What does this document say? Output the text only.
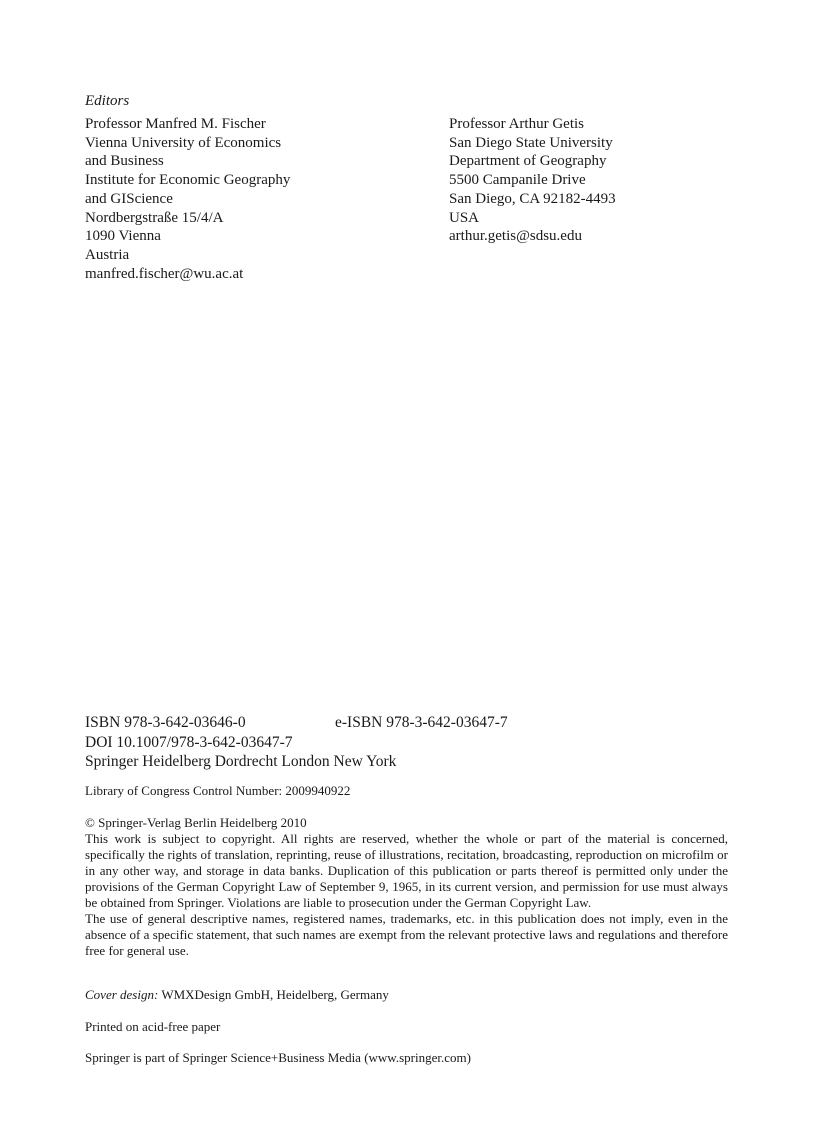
Editors
Professor Manfred M. Fischer
Vienna University of Economics
and Business
Institute for Economic Geography
and GIScience
Nordbergstraße 15/4/A
1090 Vienna
Austria
manfred.fischer@wu.ac.at
Professor Arthur Getis
San Diego State University
Department of Geography
5500 Campanile Drive
San Diego, CA 92182-4493
USA
arthur.getis@sdsu.edu
ISBN 978-3-642-03646-0	e-ISBN 978-3-642-03647-7
DOI 10.1007/978-3-642-03647-7
Springer Heidelberg Dordrecht London New York
Library of Congress Control Number: 2009940922

© Springer-Verlag Berlin Heidelberg 2010

This work is subject to copyright. All rights are reserved, whether the whole or part of the material is concerned, specifically the rights of translation, reprinting, reuse of illustrations, recitation, broadcasting, reproduction on microfilm or in any other way, and storage in data banks. Duplication of this publication or parts thereof is permitted only under the provisions of the German Copyright Law of September 9, 1965, in its current version, and permission for use must always be obtained from Springer. Violations are liable to prosecution under the German Copyright Law.

The use of general descriptive names, registered names, trademarks, etc. in this publication does not imply, even in the absence of a specific statement, that such names are exempt from the relevant protective laws and regulations and therefore free for general use.

Cover design: WMXDesign GmbH, Heidelberg, Germany
Printed on acid-free paper
Springer is part of Springer Science+Business Media (www.springer.com)
